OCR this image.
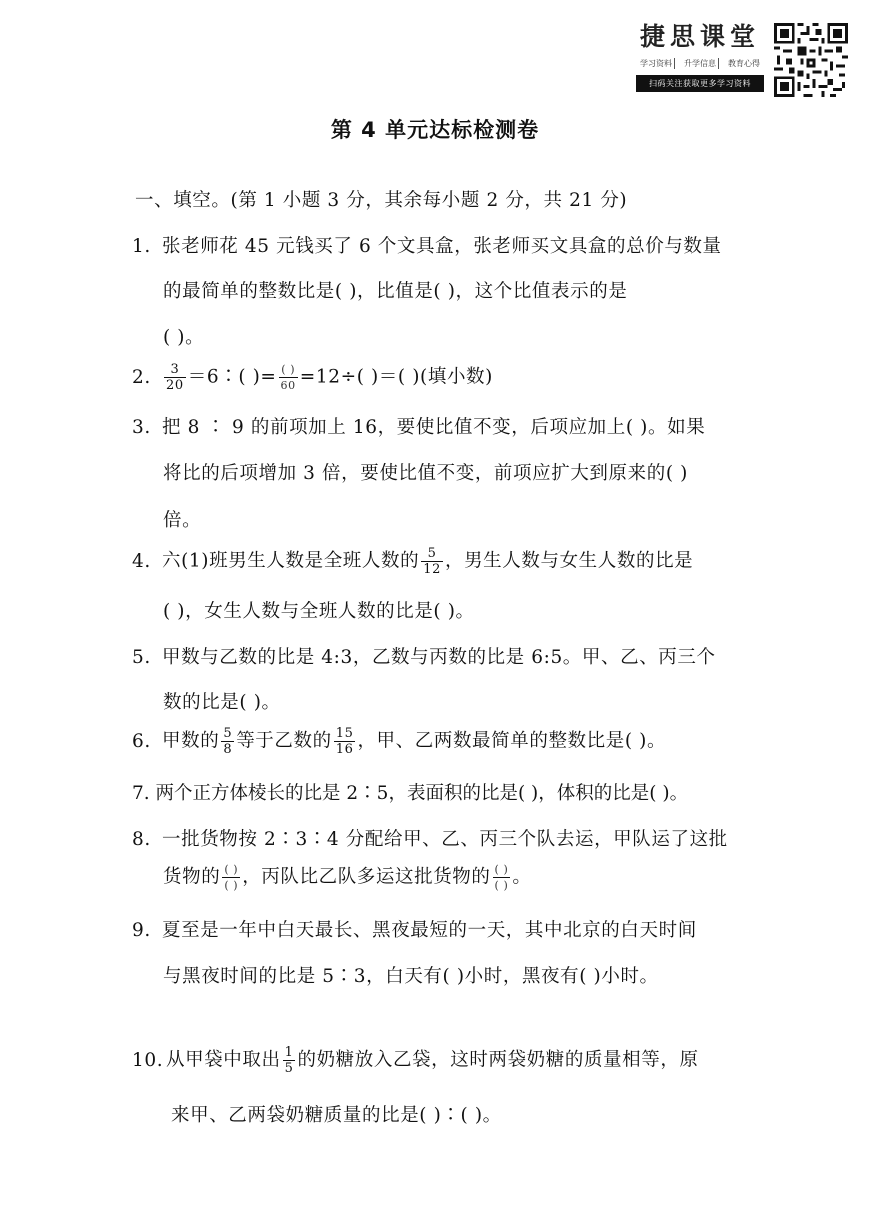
捷思课堂
学习资料	升学信息	教育心得
扫码关注获取更多学习资料
第 4 单元达标检测卷
一、填空。(第 1 小题 3 分，其余每小题 2 分，共 21 分)
1. 张老师花 45 元钱买了 6 个文具盒，张老师买文具盒的总价与数量
的最简单的整数比是( )，比值是( )，这个比值表示的是
( )。
2. $\frac{3}{20}$ ＝6∶( )= $\frac{( )}{60} =12\div$( )＝( )(填小数)
3. 把 8 ∶ 9 的前项加上 16，要使比值不变，后项应加上( )。如果
将比的后项增加 3 倍，要使比值不变，前项应扩大到原来的( )
倍。
4. 六(1)班男生人数是全班人数的 $\frac{5}{12}$ ，男生人数与女生人数的比是
( )，女生人数与全班人数的比是( )。
5. 甲数与乙数的比是 4:3，乙数与丙数的比是 6:5。甲、乙、丙三个
数的比是( )。
6. 甲数的 $\frac{5}{8}$ 等于乙数的 $\frac{15}{16}$ ，甲、乙两数最简单的整数比是( )。
7. 两个正方体棱长的比是 2∶5，表面积的比是( )，体积的比是( )。
8. 一批货物按 2∶3∶4 分配给甲、乙、丙三个队去运，甲队运了这批
货物的 $\frac{( )}{( )}$ ，丙队比乙队多运这批货物的 $\frac{( )}{( )}$ 。
9. 夏至是一年中白天最长、黑夜最短的一天，其中北京的白天时间
与黑夜时间的比是 5∶3，白天有( )小时，黑夜有( )小时。
10. 从甲袋中取出 $\frac{1}{5}$ 的奶糖放入乙袋，这时两袋奶糖的质量相等，原
来甲、乙两袋奶糖质量的比是( )∶( )。
